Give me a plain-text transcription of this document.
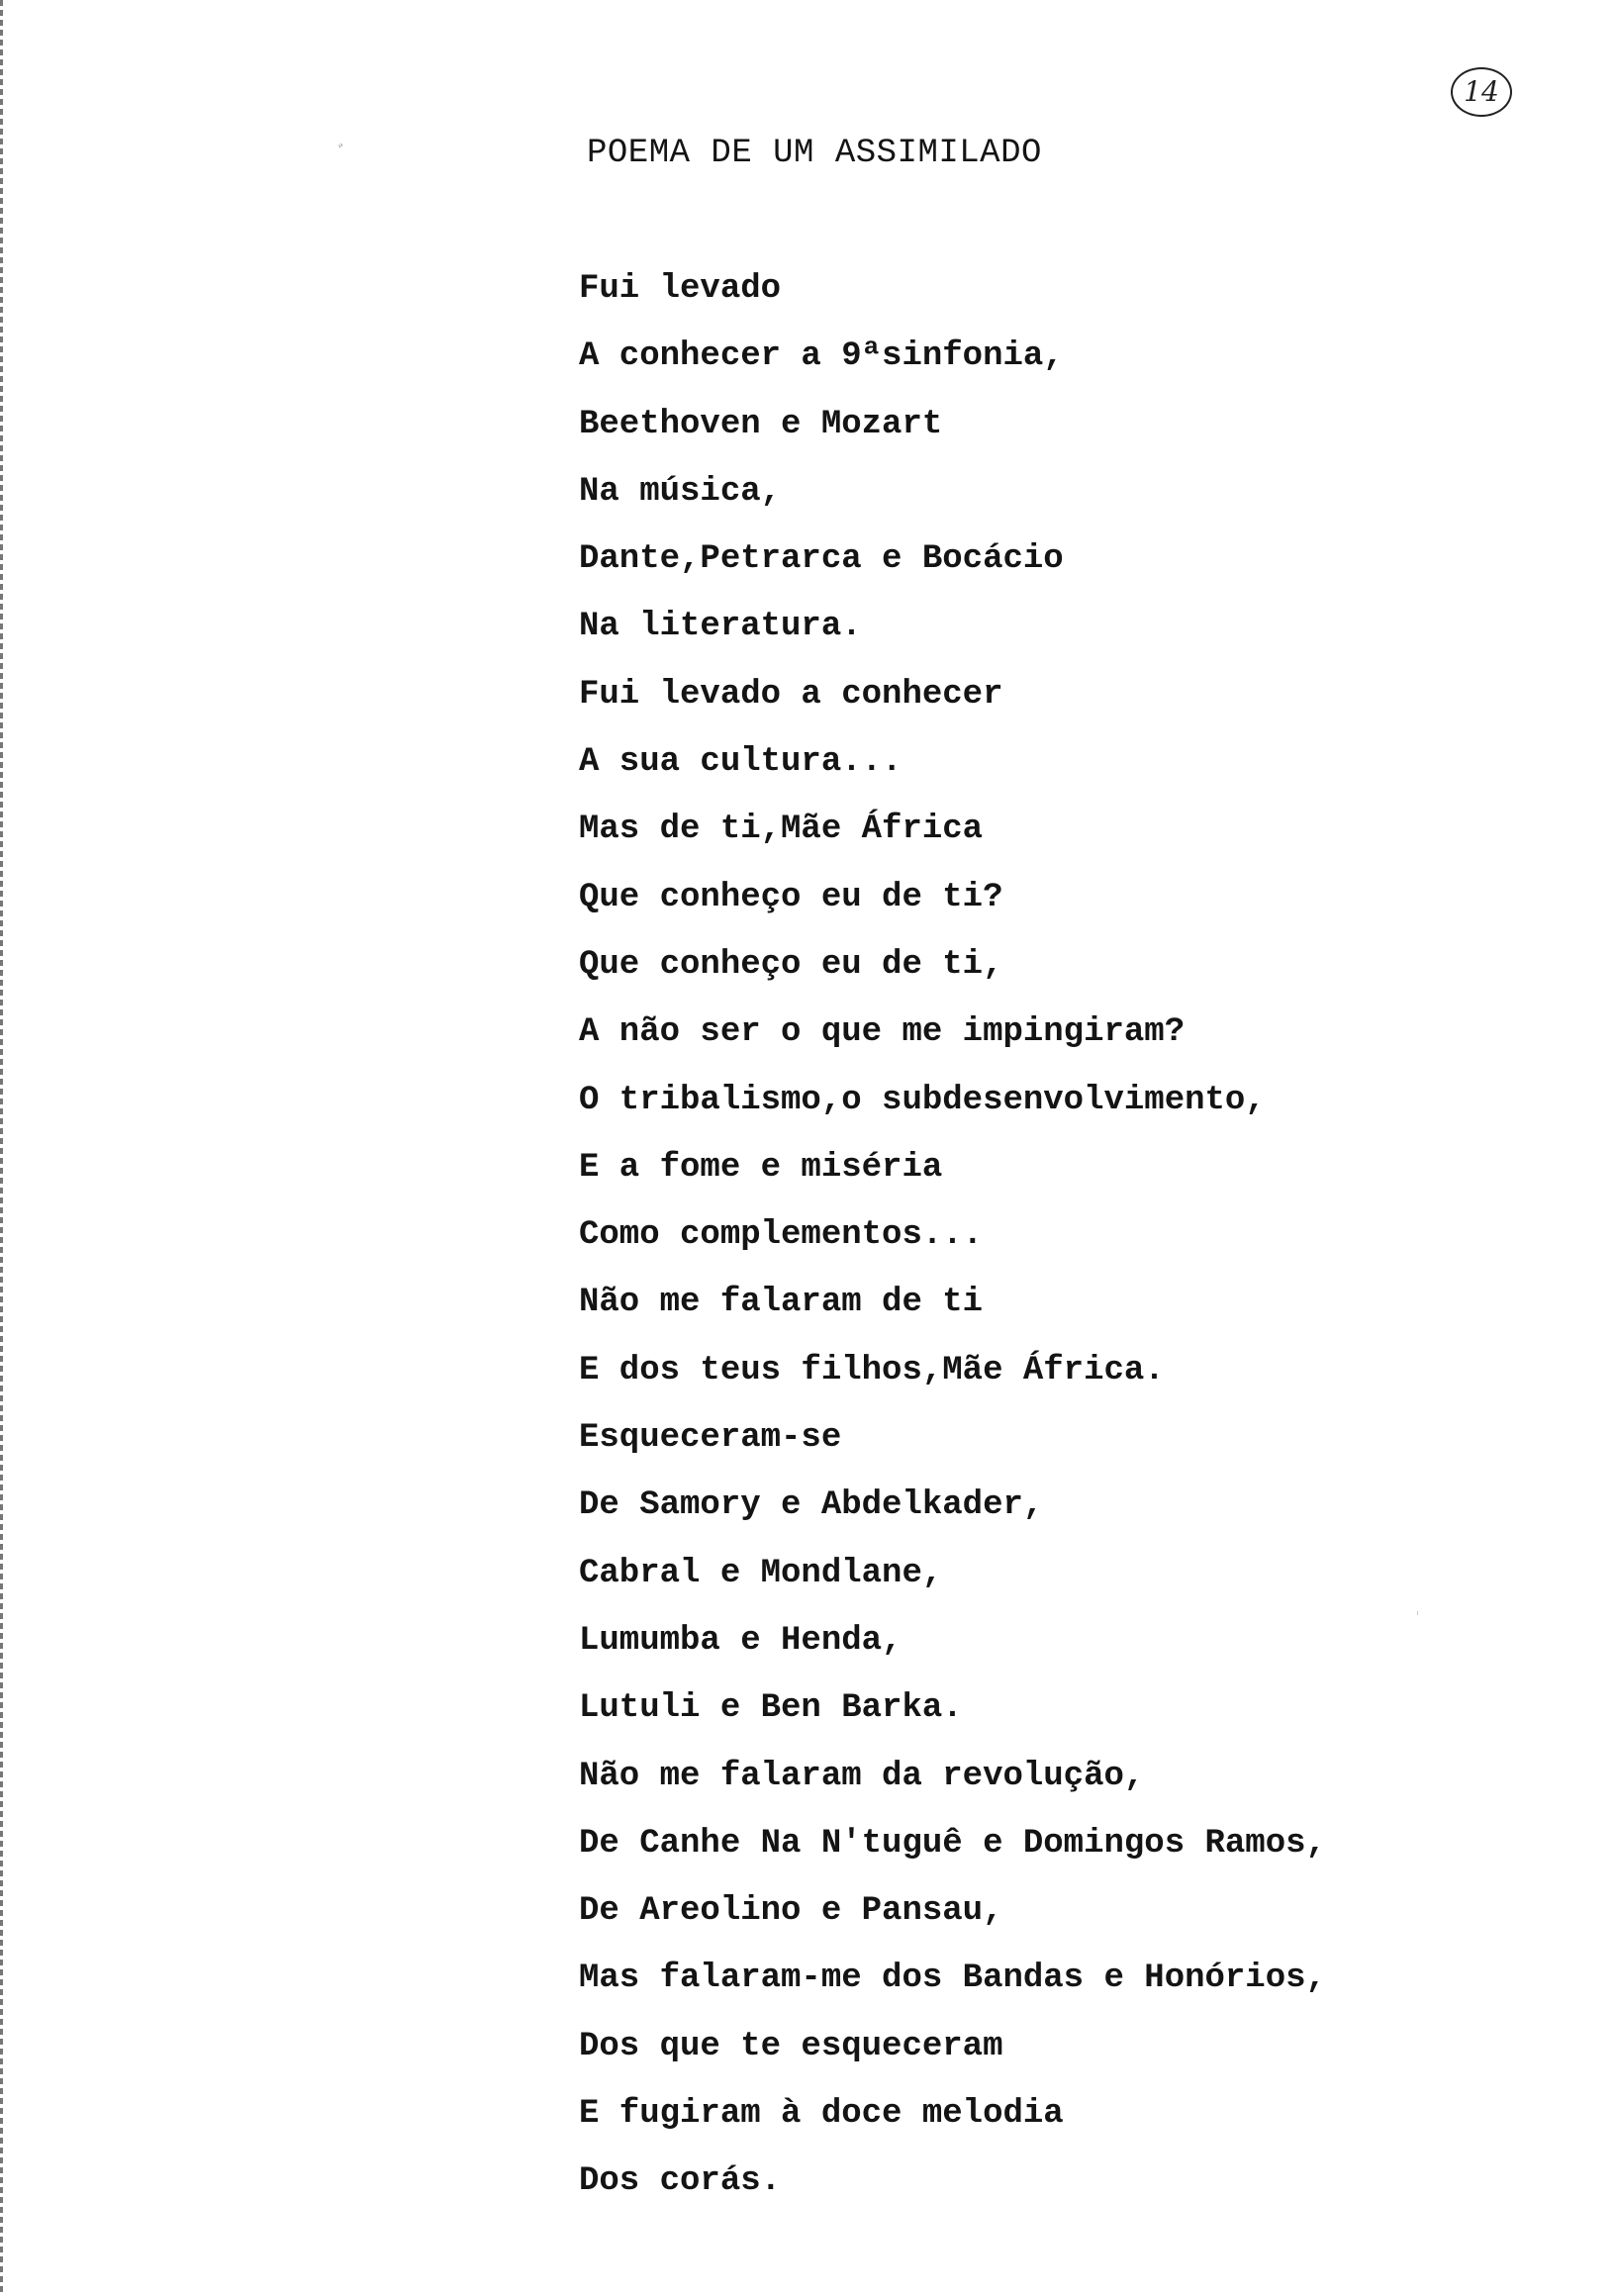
14
ﾞ	POEMA DE UM ASSIMILADO
Fui levado
A conhecer a 9ªsinfonia,
Beethoven e Mozart
Na música,
Dante,Petrarca e Bocácio
Na literatura.
Fui levado a conhecer
A sua cultura...
Mas de ti,Mãe África
Que conheço eu de ti?
Que conheço eu de ti,
A não ser o que me impingiram?
O tribalismo,o subdesenvolvimento,
E a fome e miséria
Como complementos...
Não me falaram de ti
E dos teus filhos,Mãe África.
Esqueceram-se
De Samory e Abdelkader,
Cabral e Mondlane,
Lumumba e Henda,
Lutuli e Ben Barka.
Não me falaram da revolução,
De Canhe Na N'tuguê e Domingos Ramos,
De Areolino e Pansau,
Mas falaram-me dos Bandas e Honórios,
Dos que te esqueceram
E fugiram à doce melodia
Dos corás.
